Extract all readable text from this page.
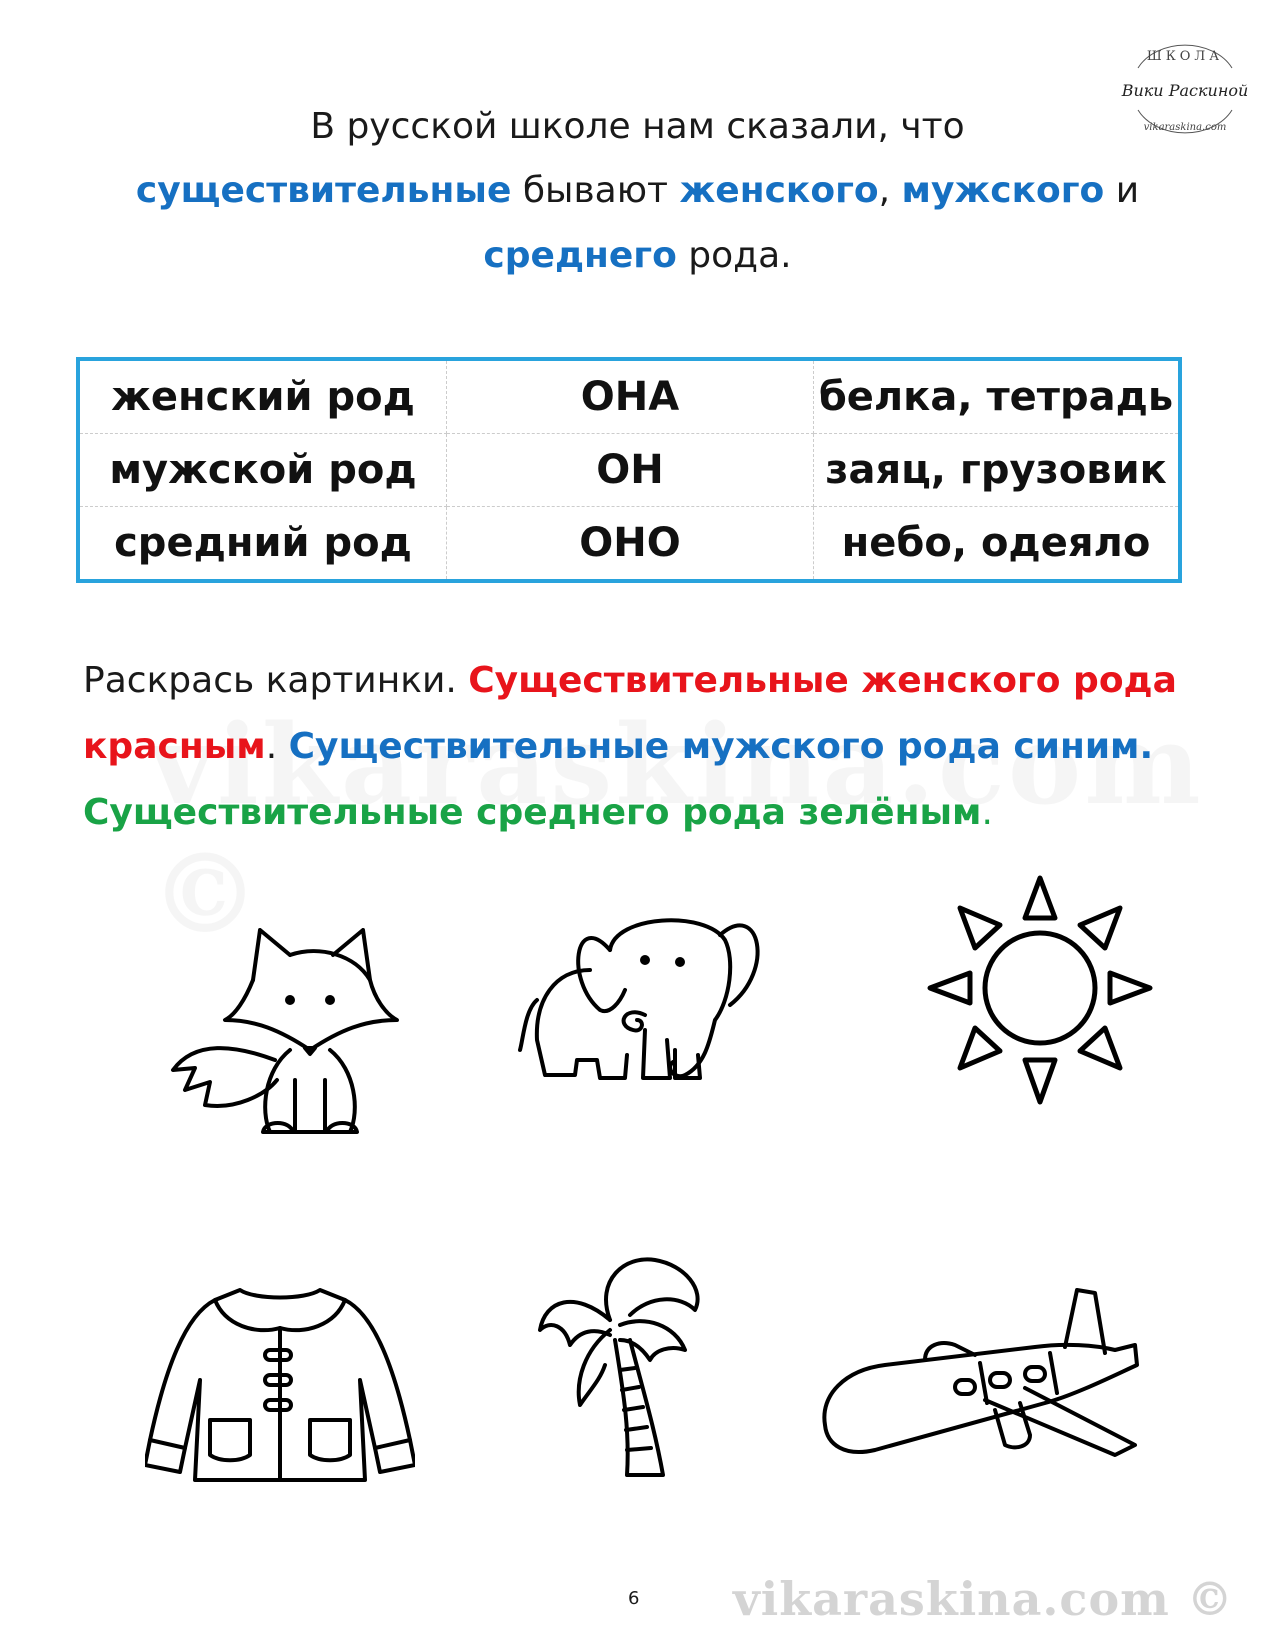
ШКОЛА
Вики Раскиной
vikaraskina.com
В русской школе нам сказали, что
существительные бывают женского, мужского и
среднего рода.
женский род	ОНА	белка, тетрадь
мужской род	ОН	заяц, грузовик
средний род	ОНО	небо, одеяло
Раскрась картинки. Существительные женского рода
красным. Существительные мужского рода синим.
Существительные среднего рода зелёным.
6 vikaraskina.com ©
